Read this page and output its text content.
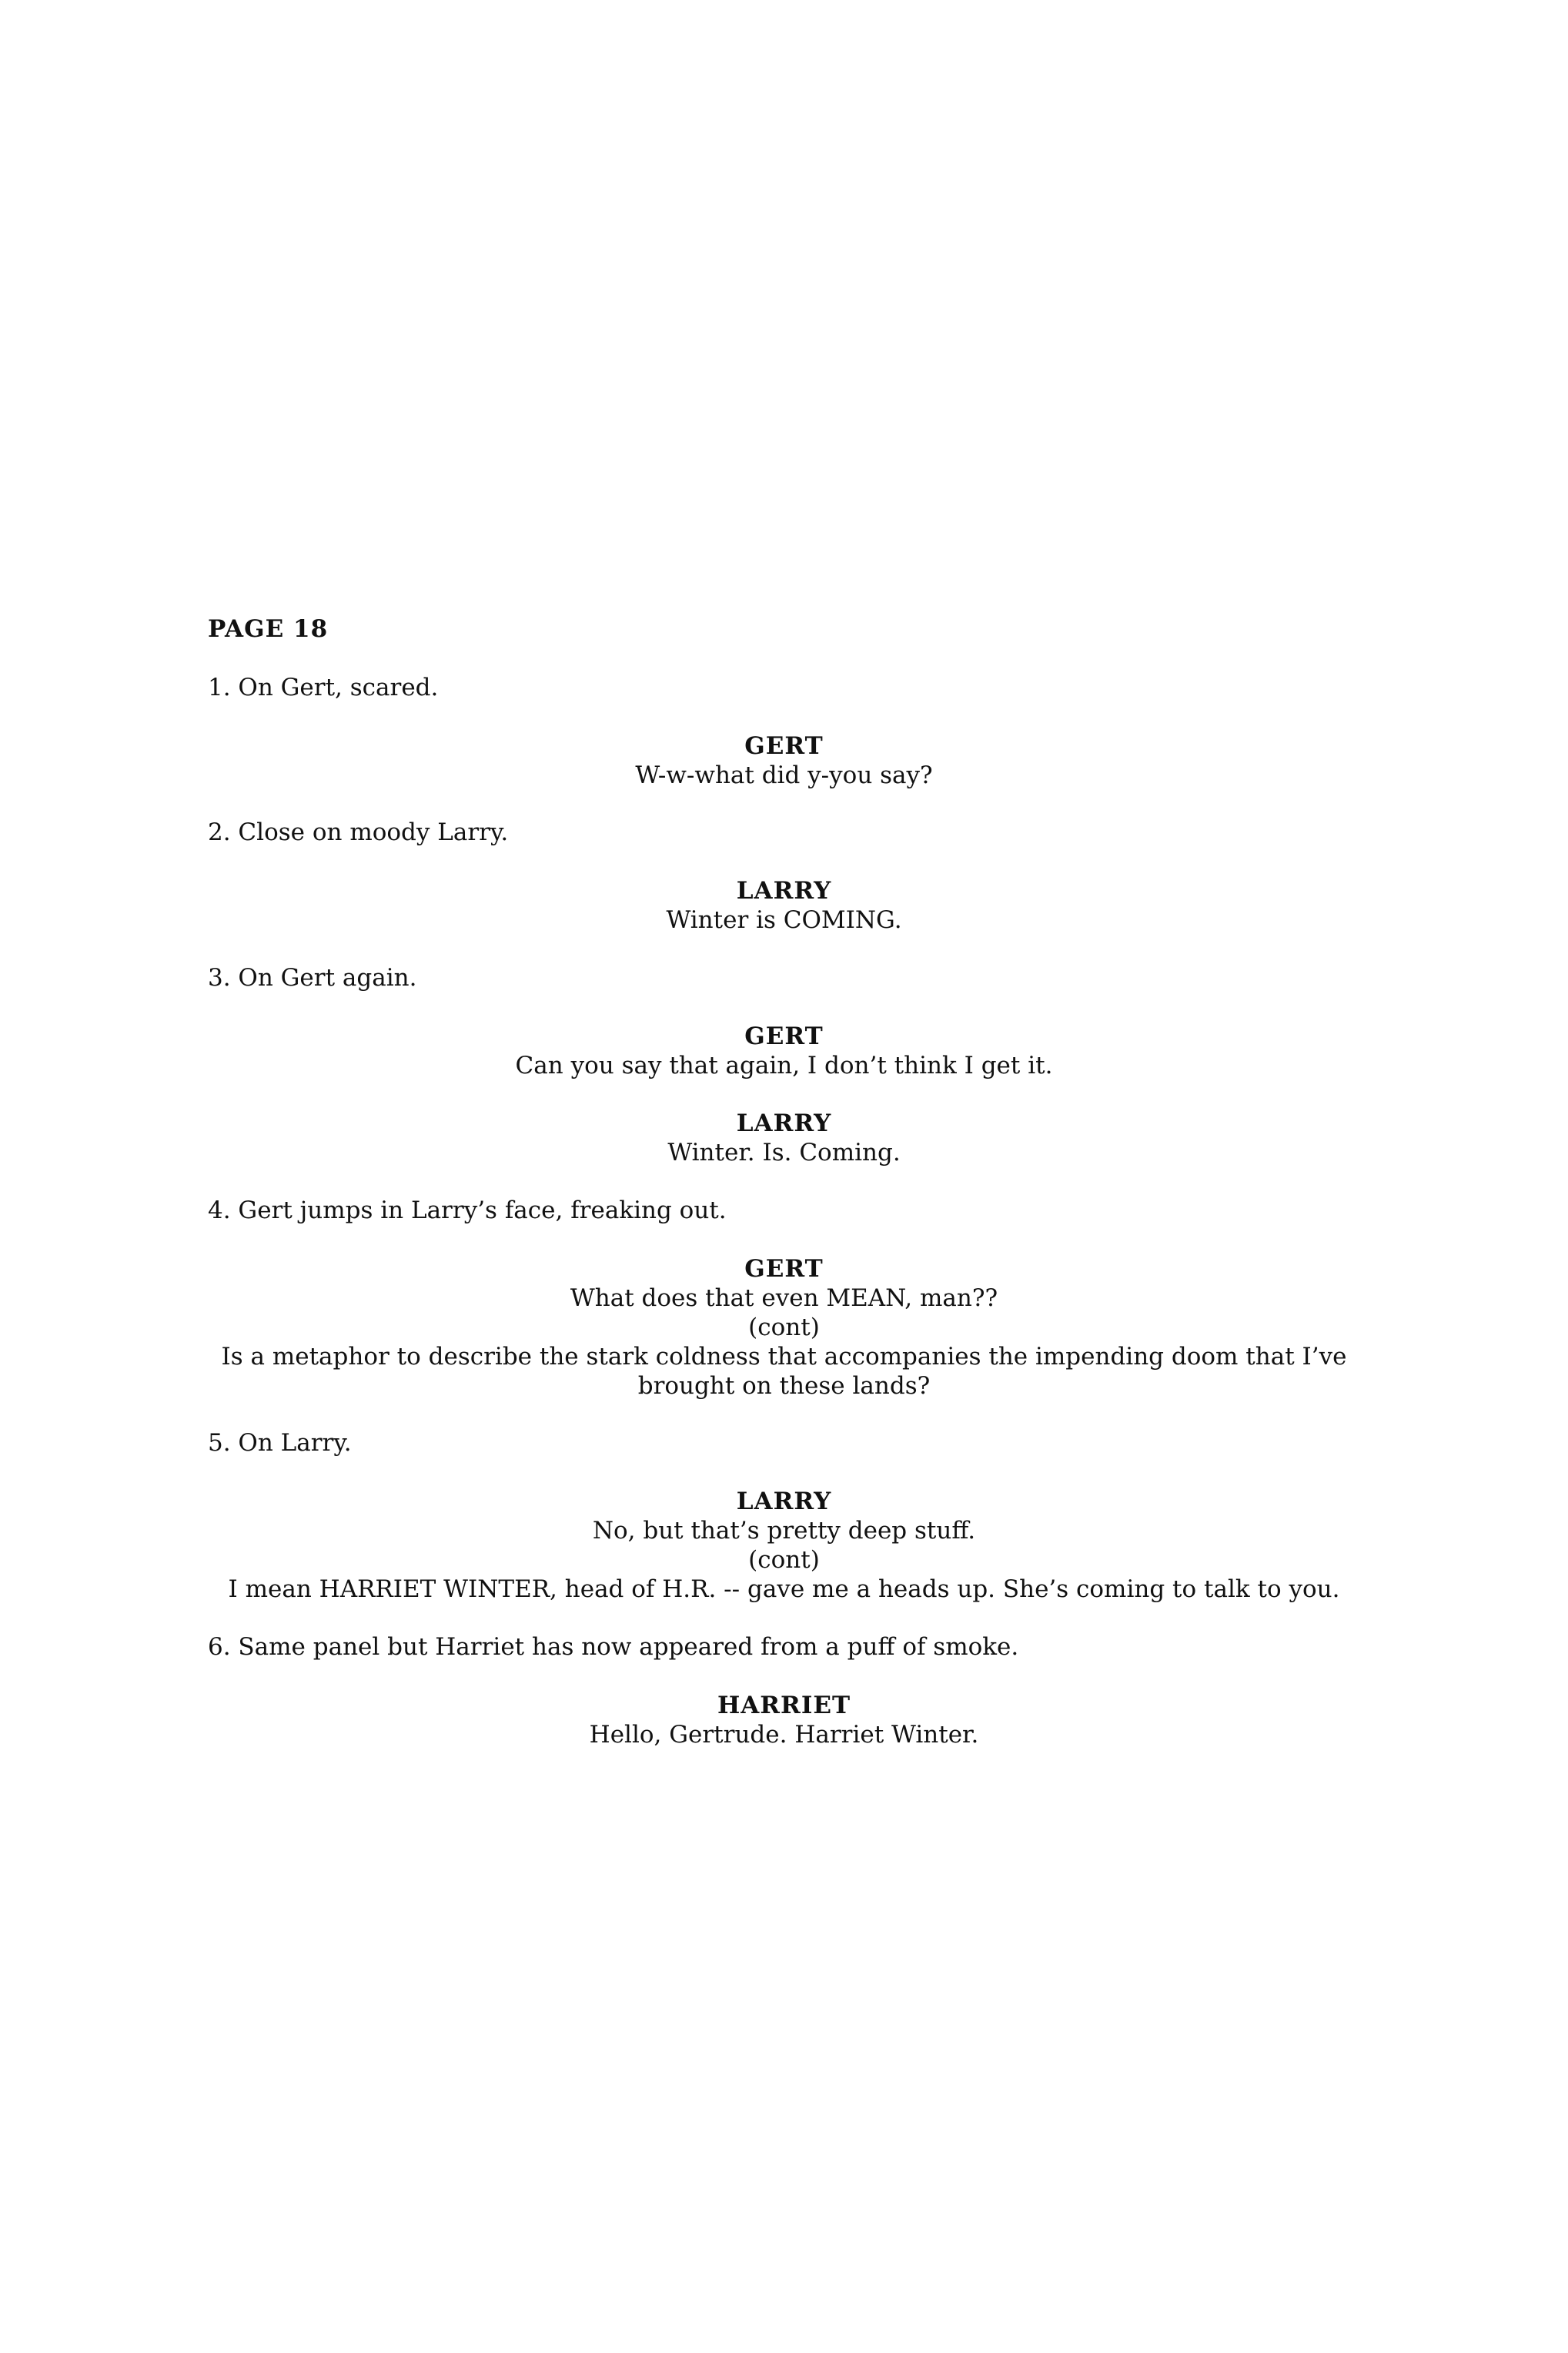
PAGE 18
1. On Gert, scared.
GERT
W-w-what did y-you say?
2. Close on moody Larry.
LARRY
Winter is COMING.
3. On Gert again.
GERT
Can you say that again, I don’t think I get it.
LARRY
Winter. Is. Coming.
4. Gert jumps in Larry’s face, freaking out.
GERT
What does that even MEAN, man??
(cont)
Is a metaphor to describe the stark coldness that accompanies the impending doom that I’ve
brought on these lands?
5. On Larry.
LARRY
No, but that’s pretty deep stuff.
(cont)
I mean HARRIET WINTER, head of H.R. -- gave me a heads up. She’s coming to talk to you.
6. Same panel but Harriet has now appeared from a puff of smoke.
HARRIET
Hello, Gertrude. Harriet Winter.
